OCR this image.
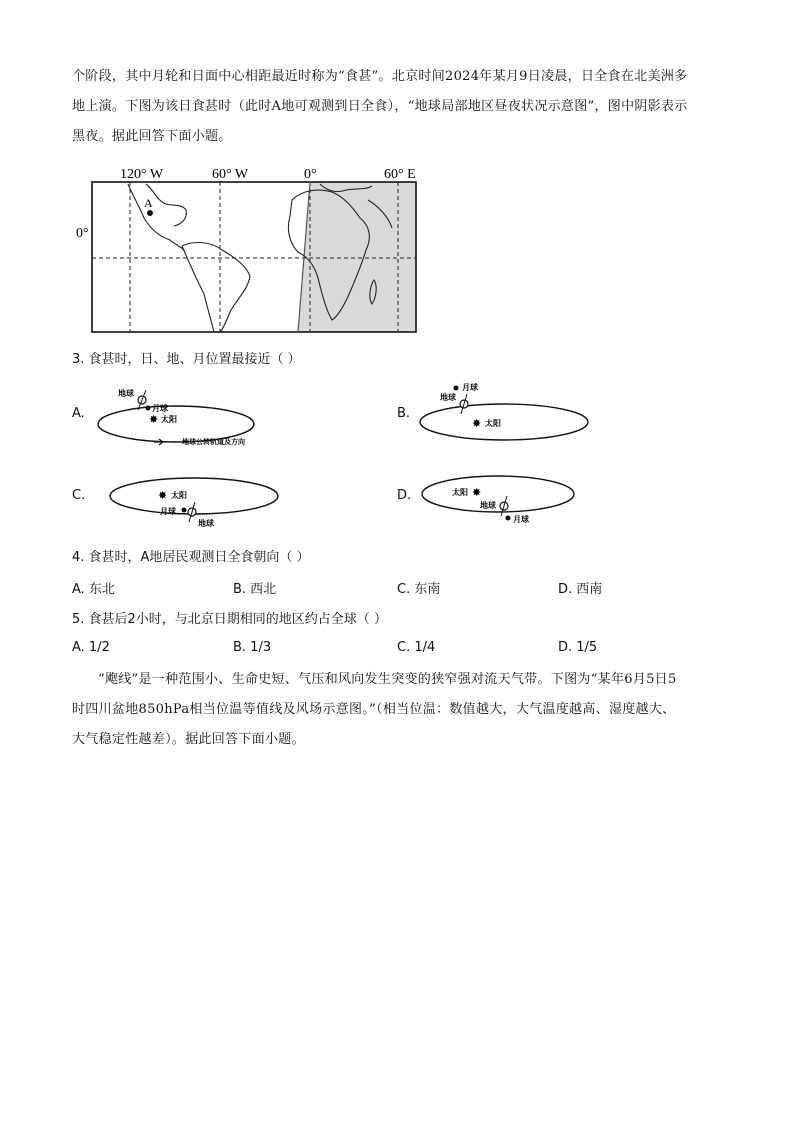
个阶段，其中月轮和日面中心相距最近时称为“食甚”。北京时间2024年某月9日凌晨，日全食在北美洲多
地上演。下图为该日食甚时（此时A地可观测到日全食），“地球局部地区昼夜状况示意图”，图中阴影表示
黑夜。据此回答下面小题。
120° W	60° W	0°	60° E
0°
A
3. 食甚时，日、地、月位置最接近（ ）
A.
地球
月球
✸ 太阳
地球公转轨道及方向
B.
地球
月球
✸ 太阳
C.	✸ 太阳
月球
地球
D.	太阳 ✸
地球
月球
4. 食甚时，A地居民观测日全食朝向（ ）
A. 东北	B. 西北	C. 东南	D. 西南
5. 食甚后2小时，与北京日期相同的地区约占全球（ ）
A. 1/2	B. 1/3	C. 1/4	D. 1/5
“飑线”是一种范围小、生命史短、气压和风向发生突变的狭窄强对流天气带。下图为“某年6月5日5
时四川盆地850hPa相当位温等值线及风场示意图。”（相当位温：数值越大，大气温度越高、湿度越大、
大气稳定性越差）。据此回答下面小题。
